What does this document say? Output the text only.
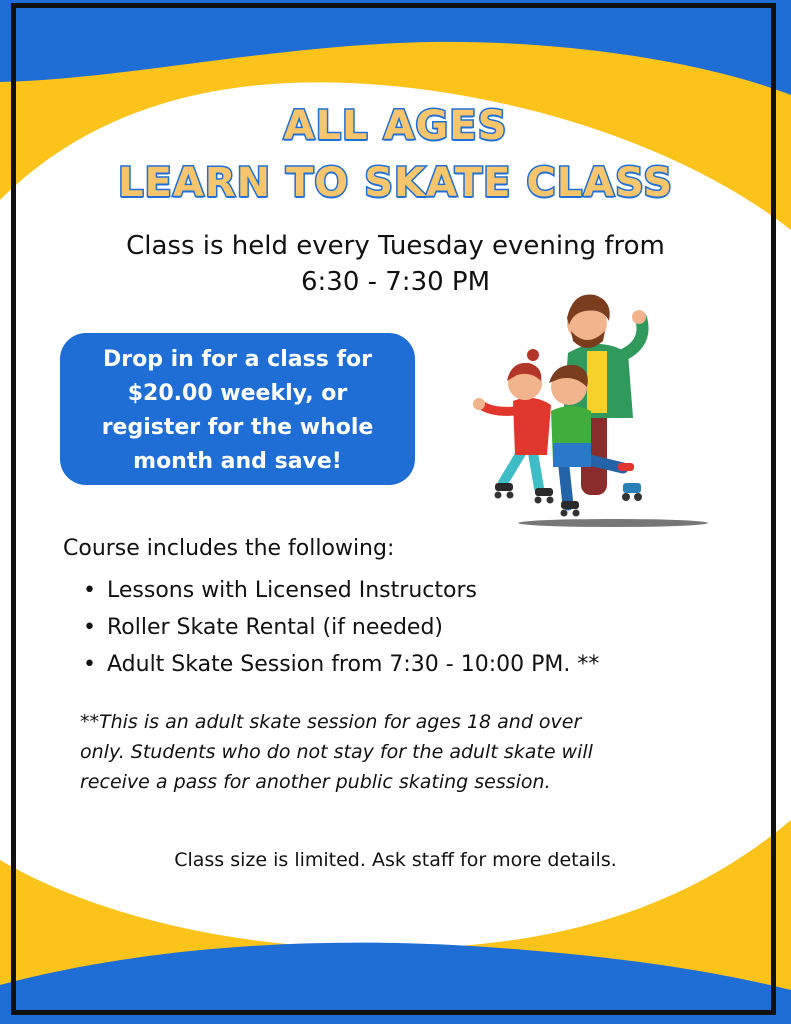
ALL AGES
LEARN TO SKATE CLASS
Class is held every Tuesday evening from
6:30 - 7:30 PM
Drop in for a class for
$20.00 weekly, or
register for the whole
month and save!
Course includes the following:
• Lessons with Licensed Instructors
• Roller Skate Rental (if needed)
• Adult Skate Session from 7:30 - 10:00 PM. **
**This is an adult skate session for ages 18 and over
only. Students who do not stay for the adult skate will
receive a pass for another public skating session.
Class size is limited. Ask staff for more details.
